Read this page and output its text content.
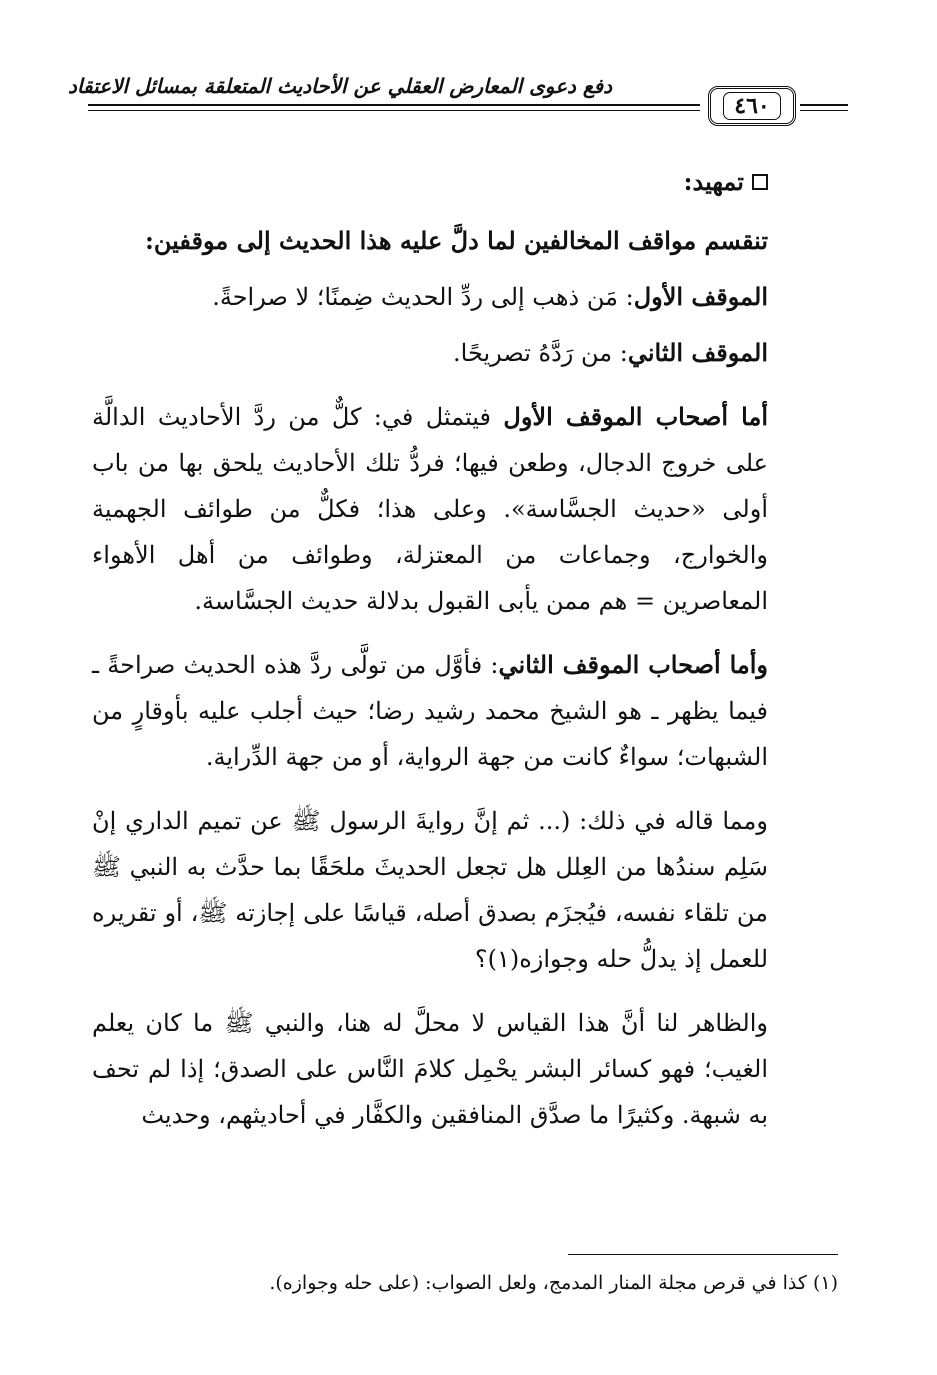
دفع دعوى المعارض العقلي عن الأحاديث المتعلقة بمسائل الاعتقاد
٤٦٠
تمهيد:

تنقسم مواقف المخالفين لما دلَّ عليه هذا الحديث إلى موقفين:

الموقف الأول: مَن ذهب إلى ردِّ الحديث ضِمنًا؛ لا صراحةً.

الموقف الثاني: من رَدَّهُ تصريحًا.

أما أصحاب الموقف الأول فيتمثل في: كلٌّ من ردَّ الأحاديث الدالَّة على خروج الدجال، وطعن فيها؛ فردُّ تلك الأحاديث يلحق بها من باب أولى «حديث الجسَّاسة». وعلى هذا؛ فكلٌّ من طوائف الجهمية والخوارج، وجماعات من المعتزلة، وطوائف من أهل الأهواء المعاصرين = هم ممن يأبى القبول بدلالة حديث الجسَّاسة.

وأما أصحاب الموقف الثاني: فأوَّل من تولَّى ردَّ هذه الحديث صراحةً ـ فيما يظهر ـ هو الشيخ محمد رشيد رضا؛ حيث أجلب عليه بأوقارٍ من الشبهات؛ سواءٌ كانت من جهة الرواية، أو من جهة الدِّراية.

ومما قاله في ذلك: (... ثم إنَّ روايةَ الرسول ﷺ عن تميم الداري إنْ سَلِم سندُها من العِلل هل تجعل الحديثَ ملحَقًا بما حدَّث به النبي ﷺ من تلقاء نفسه، فيُجزَم بصدق أصله، قياسًا على إجازته ﷺ، أو تقريره للعمل إذ يدلُّ حله وجوازه(١)؟

والظاهر لنا أنَّ هذا القياس لا محلَّ له هنا، والنبي ﷺ ما كان يعلم الغيب؛ فهو كسائر البشر يحْمِل كلامَ النَّاس على الصدق؛ إذا لم تحف به شبهة. وكثيرًا ما صدَّق المنافقين والكفَّار في أحاديثهم، وحديث

(١) كذا في قرص مجلة المنار المدمج، ولعل الصواب: (على حله وجوازه).
